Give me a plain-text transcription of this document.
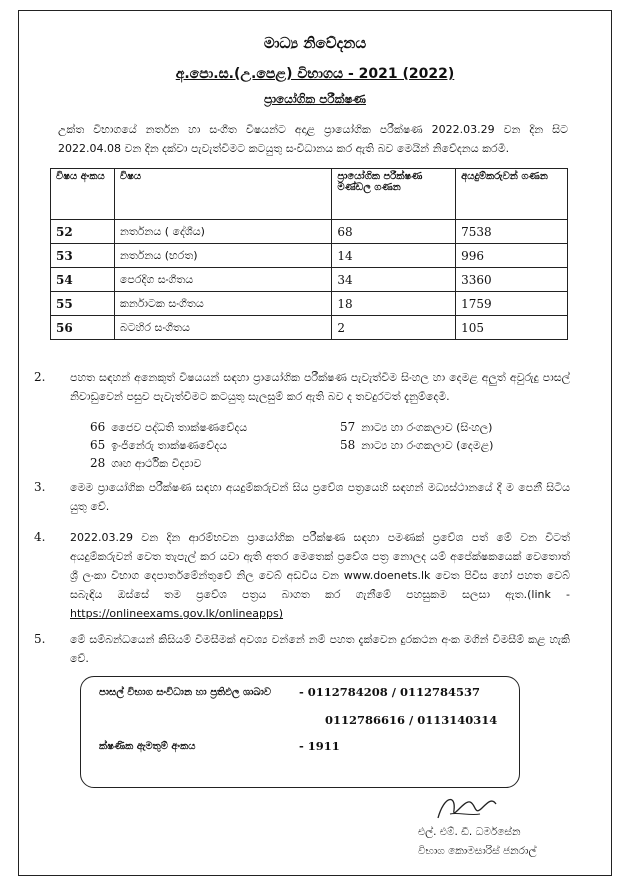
මාධ්‍ය නිවේදනය
අ.පො.ස.(උ.පෙළ) විභාගය - 2021 (2022)
ප්‍රායෝගික පරීක්ෂණ
උක්ත විභාගයේ නර්තන හා සංගීත විෂයන්ට අදාළ ප්‍රායෝගික පරීක්ෂණ 2022.03.29 වන දින සිට 2022.04.08 වන දින දක්වා පැවැත්වීමට කටයුතු සංවිධානය කර ඇති බව මෙයින් නිවේදනය කරමි.
විෂය අංකය	විෂය	ප්‍රායෝගික පරීක්ෂණ මණ්ඩල ගණන	අයදුම්කරුවන් ගණන
52	නර්තනය ( දේශීය)	68	7538
53	නර්තනය (භරත)	14	996
54	පෙරදිග සංගීතය	34	3360
55	කර්නාටක සංගීතය	18	1759
56	බටහිර සංගීතය	2	105
2. පහත සඳහන් අනෙකුත් විෂයයන් සඳහා ප්‍රායෝගික පරීක්ෂණ පැවැත්වීම සිංහල හා දෙමළ අලුත් අවුරුදු පාසල් නිවාඩුවෙන් පසුව පැවැත්වීමට කටයුතු සැලසුම් කර ඇති බව ද තවදුරටත් දැනුම්දෙමි.
66 ජෛව පද්ධති තාක්ෂණවේදය
65 ඉංජිනේරු තාක්ෂණවේදය
28 ගෘහ ආර්ථික විද්‍යාව
57 නාට්‍ය හා රංගකලාව (සිංහල)
58 නාට්‍ය හා රංගකලාව (දෙමළ)
3. මෙම ප්‍රායෝගික පරීක්ෂණ සඳහා අයදුම්කරුවන් සිය ප්‍රවේශ පත්‍රයෙහි සඳහන් මධ්‍යස්ථානයේ දී ම පෙනී සිටිය යුතු වේ.
4. 2022.03.29 වන දින ආරම්භවන ප්‍රායෝගික පරීක්ෂණ සඳහා පමණක් ප්‍රවේශ පත් මේ වන විටත් අයදුම්කරුවන් වෙත තැපැල් කර යවා ඇති අතර මෙතෙක් ප්‍රවේශ පත්‍ර නොලද යම් අපේක්ෂකයෙක් වෙතොත් ශ්‍රී ලංකා විභාග දෙපාර්තමේන්තුවේ නිල වෙබ් අඩවිය වන www.doenets.lk වෙත පිවිස හෝ පහත වෙබ් සබැඳිය ඔස්සේ තම ප්‍රවේශ පත්‍රය බාගත කර ගැනීමේ පහසුකම සලසා ඇත.(link - https://onlineexams.gov.lk/onlineapps)
5. මේ සම්බන්ධයෙන් කිසියම් විමසීමක් අවශ්‍ය වන්නේ නම් පහත දැක්වෙන දුරකථන අංක මගින් විමසීම් කළ හැකි වේ.
පාසල් විභාග සංවිධාන හා ප්‍රතිඵල ශාඛාව - 0112784208 / 0112784537
0112786616 / 0113140314
ක්ෂණික ඇමතුම් අංකය	- 1911
එල්. එම්. ඩී. ධර්මසේන
විභාග කොමසාරිස් ජනරාල්
